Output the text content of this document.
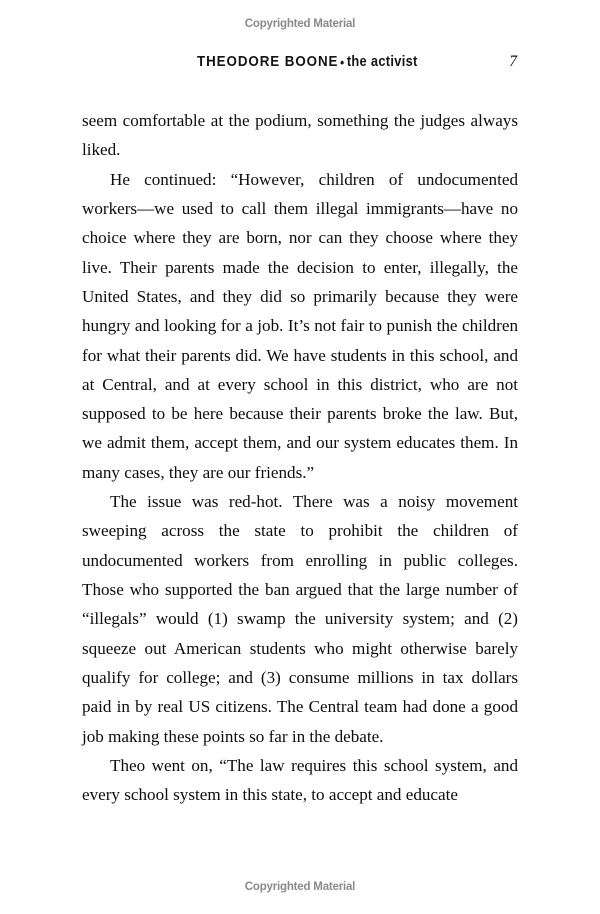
Copyrighted Material
THEODORE BOONE • the activist	7

seem comfortable at the podium, something the judges always liked.

He continued: “However, children of undocumented workers—we used to call them illegal immigrants—have no choice where they are born, nor can they choose where they live. Their parents made the decision to enter, illegally, the United States, and they did so primarily because they were hungry and looking for a job. It’s not fair to punish the children for what their parents did. We have students in this school, and at Central, and at every school in this district, who are not supposed to be here because their parents broke the law. But, we admit them, accept them, and our system educates them. In many cases, they are our friends.”

The issue was red-hot. There was a noisy movement sweeping across the state to prohibit the children of undocumented workers from enrolling in public colleges. Those who supported the ban argued that the large number of “illegals” would (1) swamp the university system; and (2) squeeze out American students who might otherwise barely qualify for college; and (3) consume millions in tax dollars paid in by real US citizens. The Central team had done a good job making these points so far in the debate.

Theo went on, “The law requires this school system, and every school system in this state, to accept and educate

Copyrighted Material
